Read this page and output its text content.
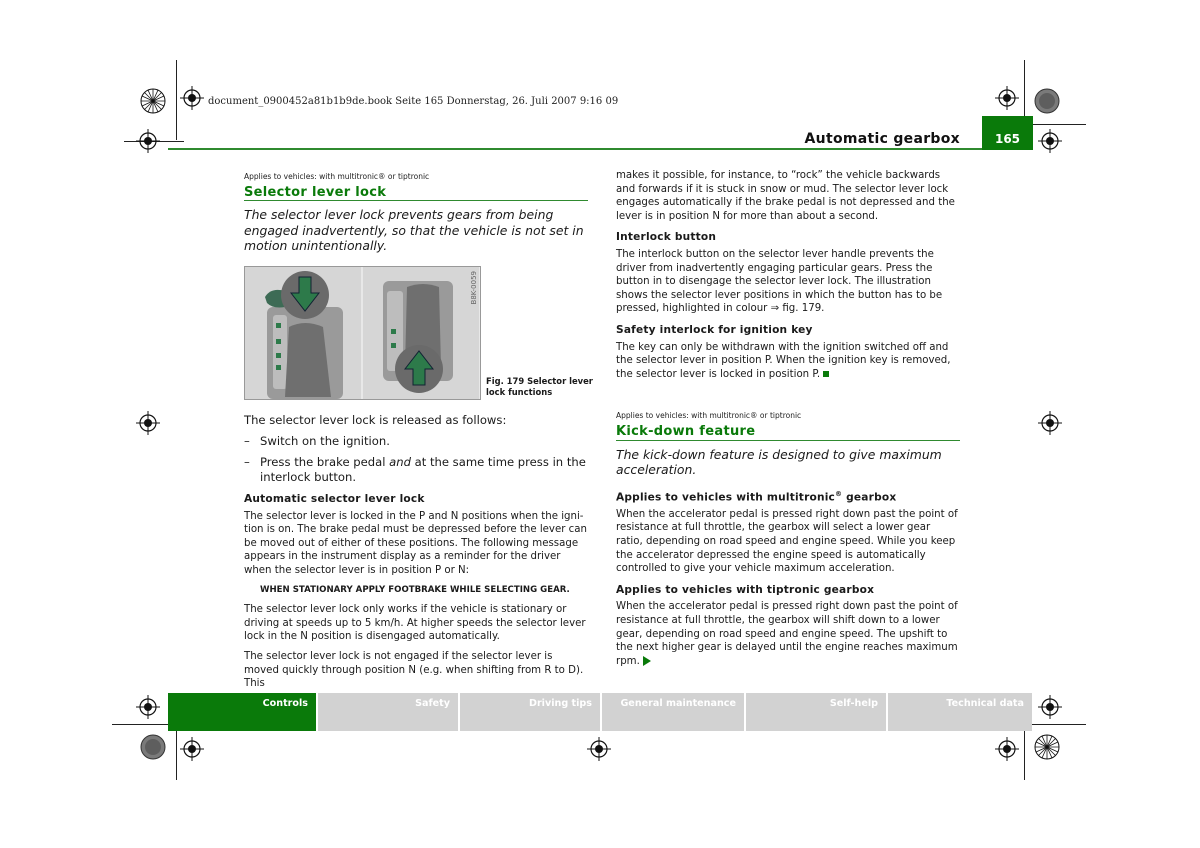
document_0900452a81b1b9de.book Seite 165 Donnerstag, 26. Juli 2007 9:16 09
Automatic gearbox	165
Applies to vehicles: with multitronic® or tiptronic
Selector lever lock
The selector lever lock prevents gears from being engaged inadvertently, so that the vehicle is not set in motion unintentionally.
B8K-0059
Fig. 179 Selector lever lock functions
The selector lever lock is released as follows:
– Switch on the ignition.
– Press the brake pedal and at the same time press in the interlock button.
Automatic selector lever lock

The selector lever is locked in the P and N positions when the igni-tion is on. The brake pedal must be depressed before the lever can be moved out of either of these positions. The following message appears in the instrument display as a reminder for the driver when the selector lever is in position P or N:

WHEN STATIONARY APPLY FOOTBRAKE WHILE SELECTING GEAR.

The selector lever lock only works if the vehicle is stationary or driving at speeds up to 5 km/h. At higher speeds the selector lever lock in the N position is disengaged automatically.

The selector lever lock is not engaged if the selector lever is moved quickly through position N (e.g. when shifting from R to D). This

makes it possible, for instance, to “rock” the vehicle backwards and forwards if it is stuck in snow or mud. The selector lever lock engages automatically if the brake pedal is not depressed and the lever is in position N for more than about a second.

Interlock button

The interlock button on the selector lever handle prevents the driver from inadvertently engaging particular gears. Press the button in to disengage the selector lever lock. The illustration shows the selector lever positions in which the button has to be pressed, highlighted in colour ⇒ fig. 179.

Safety interlock for ignition key

The key can only be withdrawn with the ignition switched off and the selector lever in position P. When the ignition key is removed, the selector lever is locked in position P.

Applies to vehicles: with multitronic® or tiptronic
Kick-down feature
The kick-down feature is designed to give maximum acceleration.
Applies to vehicles with multitronic® gearbox

When the accelerator pedal is pressed right down past the point of resistance at full throttle, the gearbox will select a lower gear ratio, depending on road speed and engine speed. While you keep the accelerator depressed the engine speed is automatically controlled to give your vehicle maximum acceleration.

Applies to vehicles with tiptronic gearbox

When the accelerator pedal is pressed right down past the point of resistance at full throttle, the gearbox will shift down to a lower gear, depending on road speed and engine speed. The upshift to the next higher gear is delayed until the engine reaches maximum rpm.

Controls	Safety	Driving tips	General maintenance	Self-help	Technical data
